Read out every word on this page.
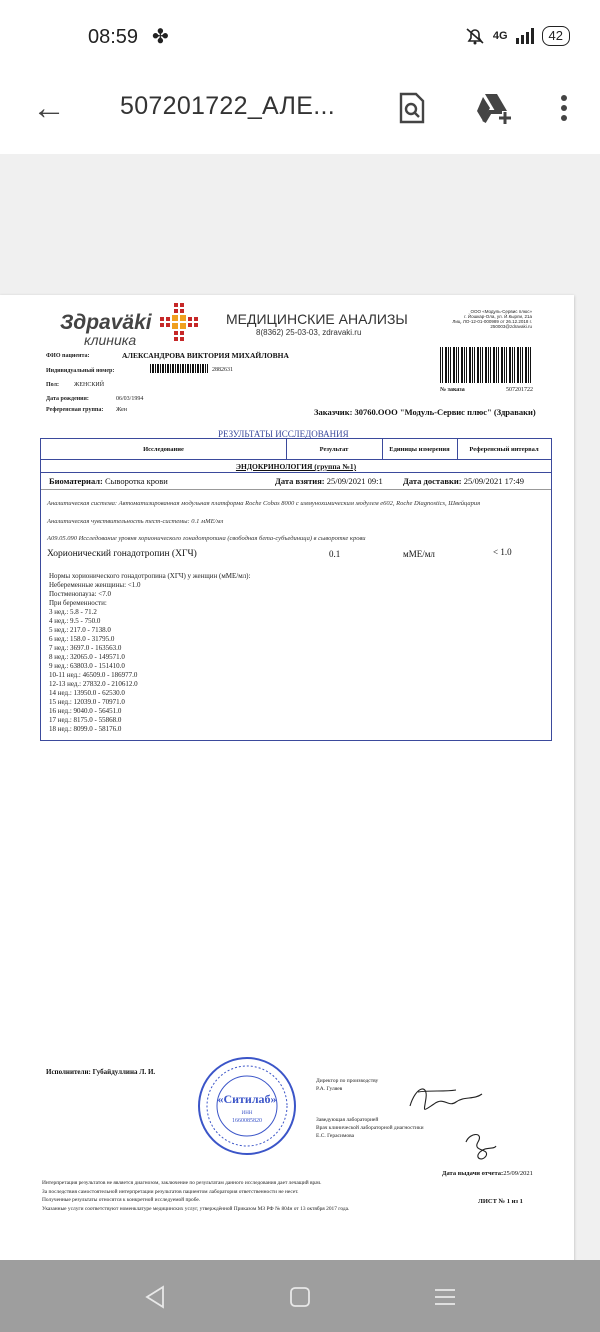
08:59 ✤	4G	42
← 507201722_АЛЕ...
Здраvӓki
клиника
МЕДИЦИНСКИЕ АНАЛИЗЫ
8(8362) 25-03-03, zdravaki.ru
ООО «Модуль-Сервис плюс»
г. Йошкар-Ола, ул. Й.Кырли, 21а
Лиц. ЛО-12-01-000989 от 26.12.2018 г.
250003@zdravaki.ru
ФИО пациента:	АЛЕКСАНДРОВА ВИКТОРИЯ МИХАЙЛОВНА
Индивидуальный номер:	2882631
Пол:	ЖЕНСКИЙ
Дата рождения:	06/03/1994
Референсная группа: Жен
№ заказа	507201722
Заказчик: 30760.ООО "Модуль-Сервис плюс" (Здраваки)
РЕЗУЛЬТАТЫ ИССЛЕДОВАНИЯ
Исследование	Результат	Единицы измерения	Референсный интервал
ЭНДОКРИНОЛОГИЯ (группа №1)
Биоматериал: Сыворотка крови	Дата взятия: 25/09/2021 09:1 Дата доставки: 25/09/2021 17:49
Аналитическая система: Автоматизированная модульная платформа Roche Cobas 8000 с иммунохимическим модулем e602, Roche Diagnostics, Швейцария
Аналитическая чувствительность тест-системы: 0.1 мМЕ/мл
A09.05.090 Исследование уровня хорионического гонадотропина (свободная бета-субъединица) в сыворотке крови
Хорионический гонадотропин (ХГЧ)	0.1	мМЕ/мл	< 1.0
Нормы хорионического гонадотропина (ХГЧ) у женщин (мМЕ/мл):
Небеременные женщины: <1.0
Постменопауза: <7.0
При беременности:
3 нед.: 5.8 - 71.2
4 нед.: 9.5 - 750.0
5 нед.: 217.0 - 7138.0
6 нед.: 158.0 - 31795.0
7 нед.: 3697.0 - 163563.0
8 нед.: 32065.0 - 149571.0
9 нед.: 63803.0 - 151410.0
10-11 нед.: 46509.0 - 186977.0
12-13 нед.: 27832.0 - 210612.0
14 нед.: 13950.0 - 62530.0
15 нед.: 12039.0 - 70971.0
16 нед.: 9040.0 - 56451.0
17 нед.: 8175.0 - 55868.0
18 нед.: 8099.0 - 58176.0
Исполнители: Губайдуллина Л. И.
«Ситилаб»
ИНН
1660085820
Директор по производству
Р.А. Гуляев
Заведующая лабораторией
Врач клинической лабораторной диагностики
Е.С. Герасимова
Дата выдачи отчета:25/09/2021
Интерпретация результатов не является диагнозом, заключение по результатам данного исследования дает лечащий врач.
За последствия самостоятельной интерпретации результатов пациентом лаборатория ответственности не несет.
Полученные результаты относятся к конкретной исследуемой пробе.
Указанные услуги соответствуют номенклатуре медицинских услуг, утверждённой Приказом МЗ РФ № 804н от 13 октября 2017 года.
ЛИСТ № 1 из 1
